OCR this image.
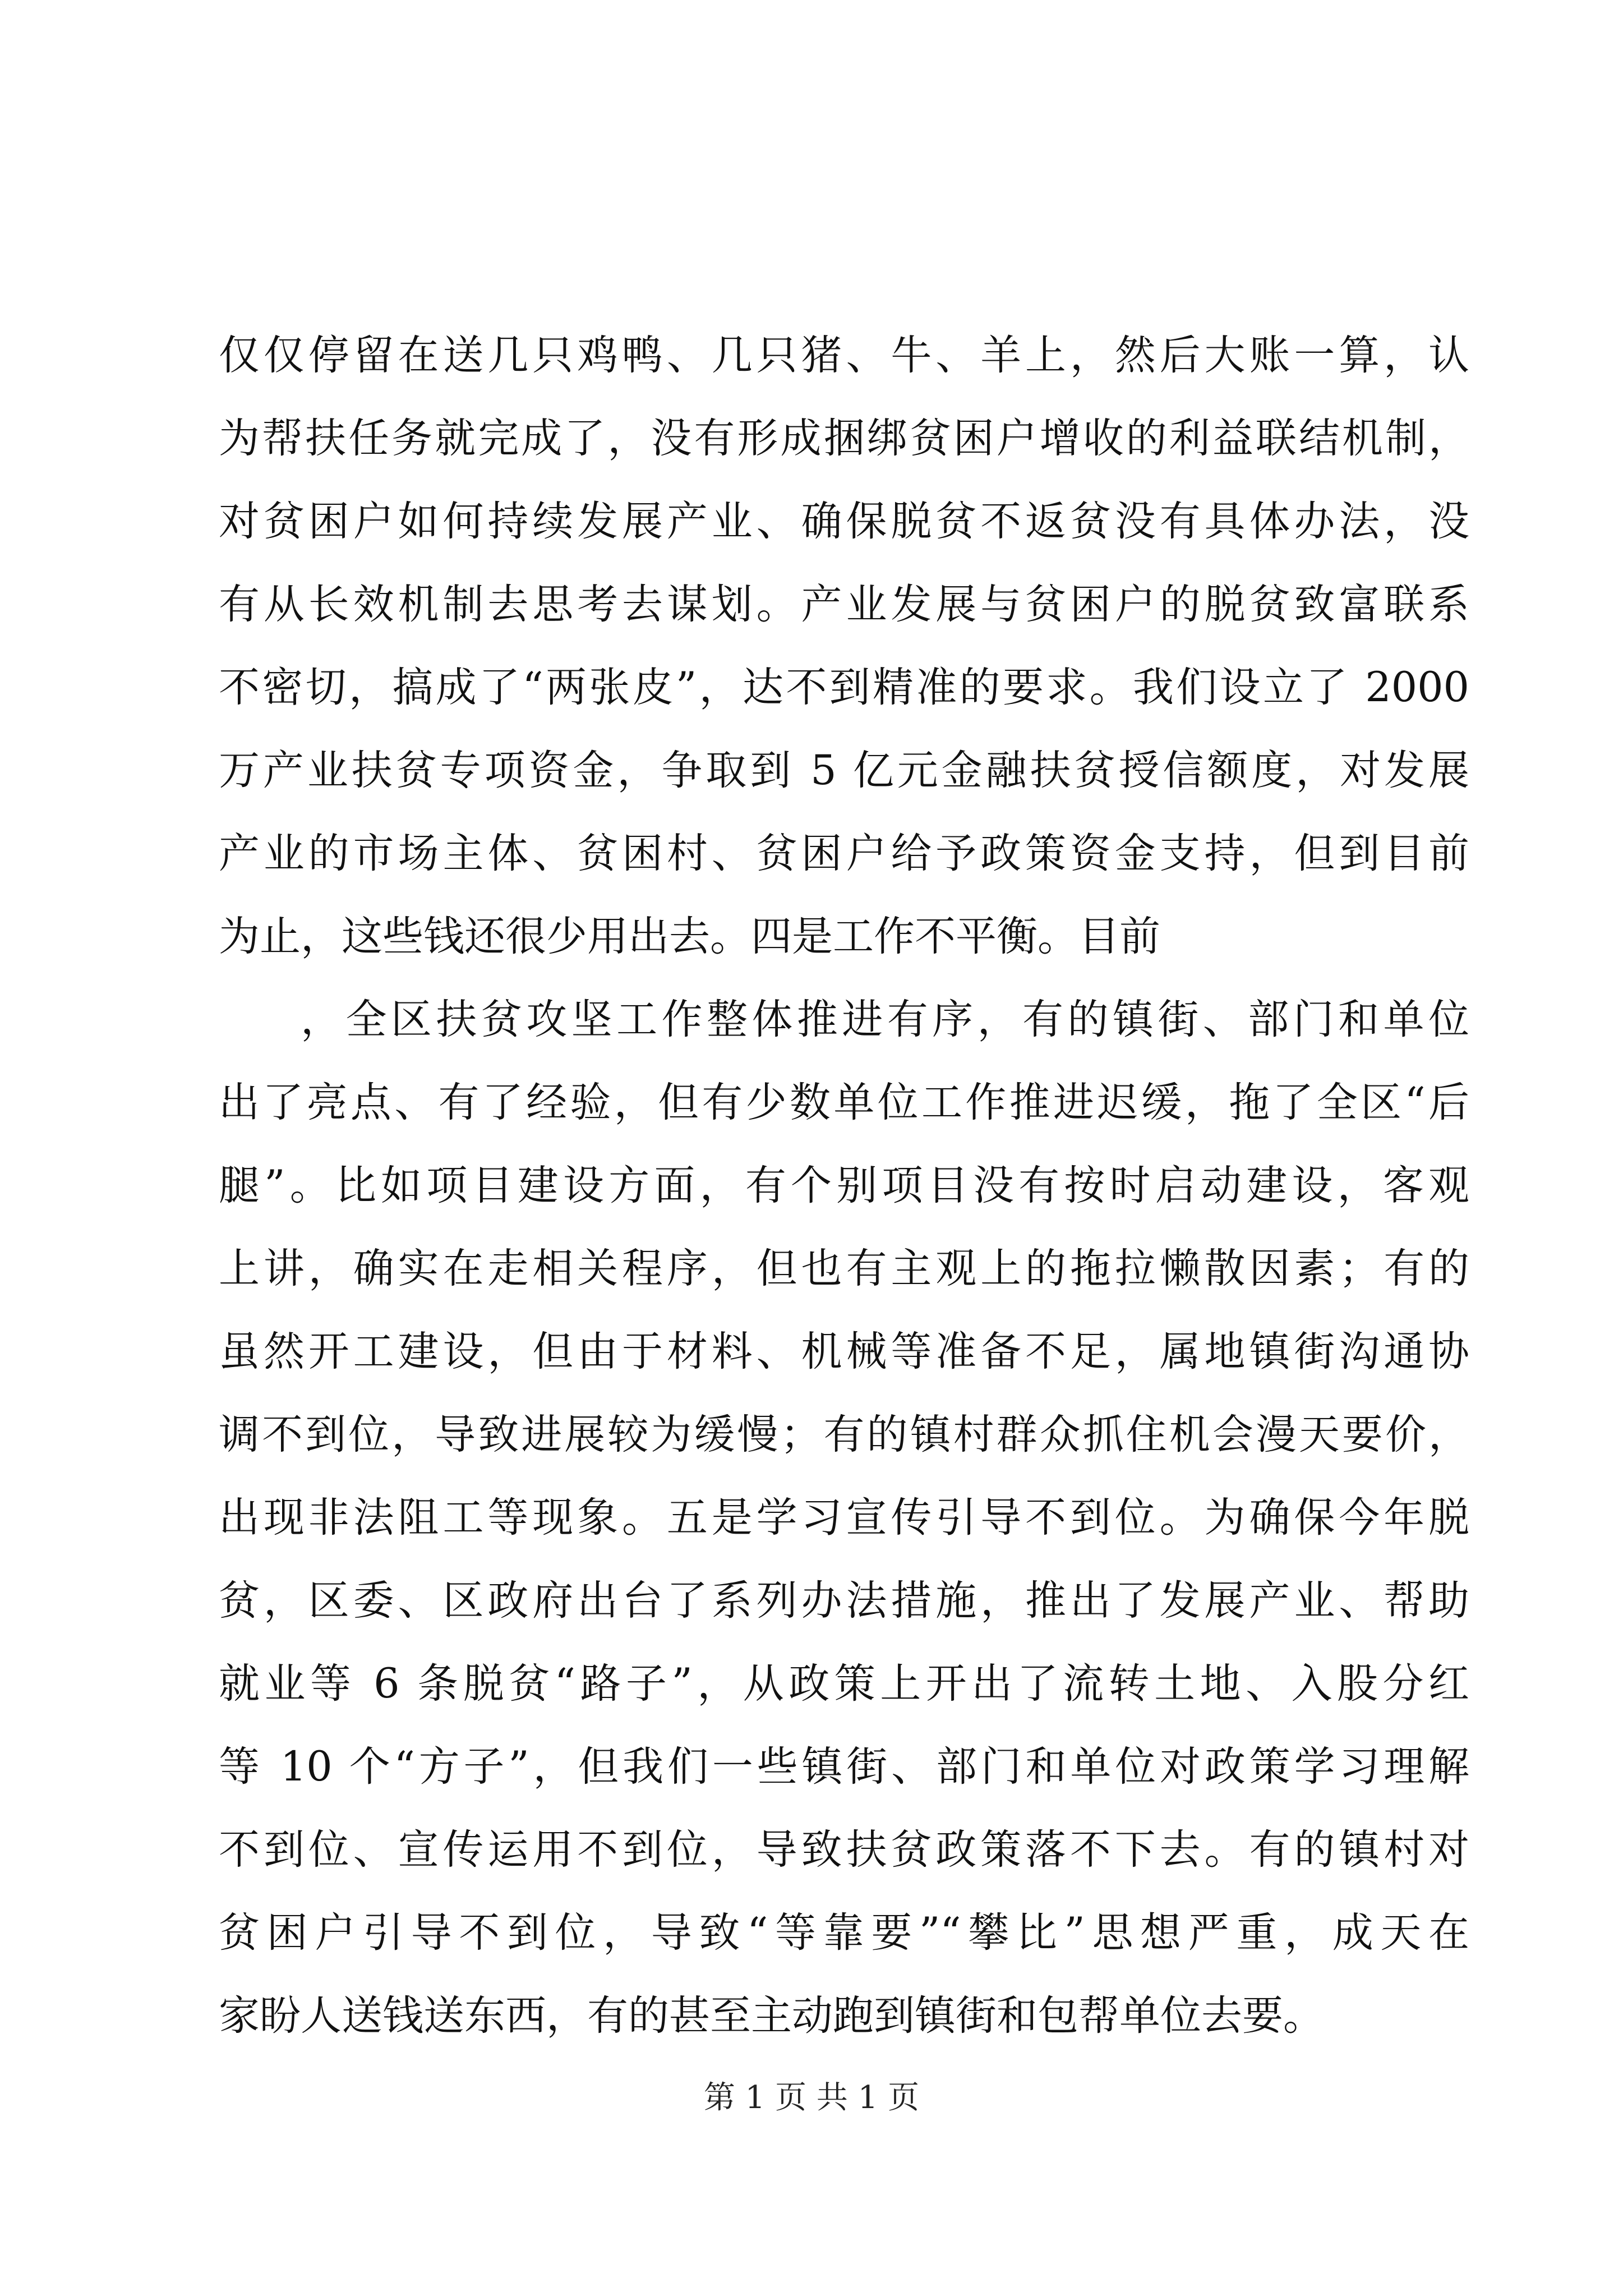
仅仅停留在送几只鸡鸭、几只猪、牛、羊上，然后大账一算，认
为帮扶任务就完成了，没有形成捆绑贫困户增收的利益联结机制，
对贫困户如何持续发展产业、确保脱贫不返贫没有具体办法，没
有从长效机制去思考去谋划。产业发展与贫困户的脱贫致富联系
不密切，搞成了“两张皮”，达不到精准的要求。我们设立了 2000
万产业扶贫专项资金，争取到 5 亿元金融扶贫授信额度，对发展
产业的市场主体、贫困村、贫困户给予政策资金支持，但到目前
为止，这些钱还很少用出去。四是工作不平衡。目前
，全区扶贫攻坚工作整体推进有序，有的镇街、部门和单位
出了亮点、有了经验，但有少数单位工作推进迟缓，拖了全区“后
腿”。比如项目建设方面，有个别项目没有按时启动建设，客观
上讲，确实在走相关程序，但也有主观上的拖拉懒散因素；有的
虽然开工建设，但由于材料、机械等准备不足，属地镇街沟通协
调不到位，导致进展较为缓慢；有的镇村群众抓住机会漫天要价，
出现非法阻工等现象。五是学习宣传引导不到位。为确保今年脱
贫，区委、区政府出台了系列办法措施，推出了发展产业、帮助
就业等 6 条脱贫“路子”，从政策上开出了流转土地、入股分红
等 10 个“方子”，但我们一些镇街、部门和单位对政策学习理解
不到位、宣传运用不到位，导致扶贫政策落不下去。有的镇村对
贫困户引导不到位，导致“等靠要”“攀比”思想严重，成天在
家盼人送钱送东西，有的甚至主动跑到镇街和包帮单位去要。
第 1 页 共 1 页
